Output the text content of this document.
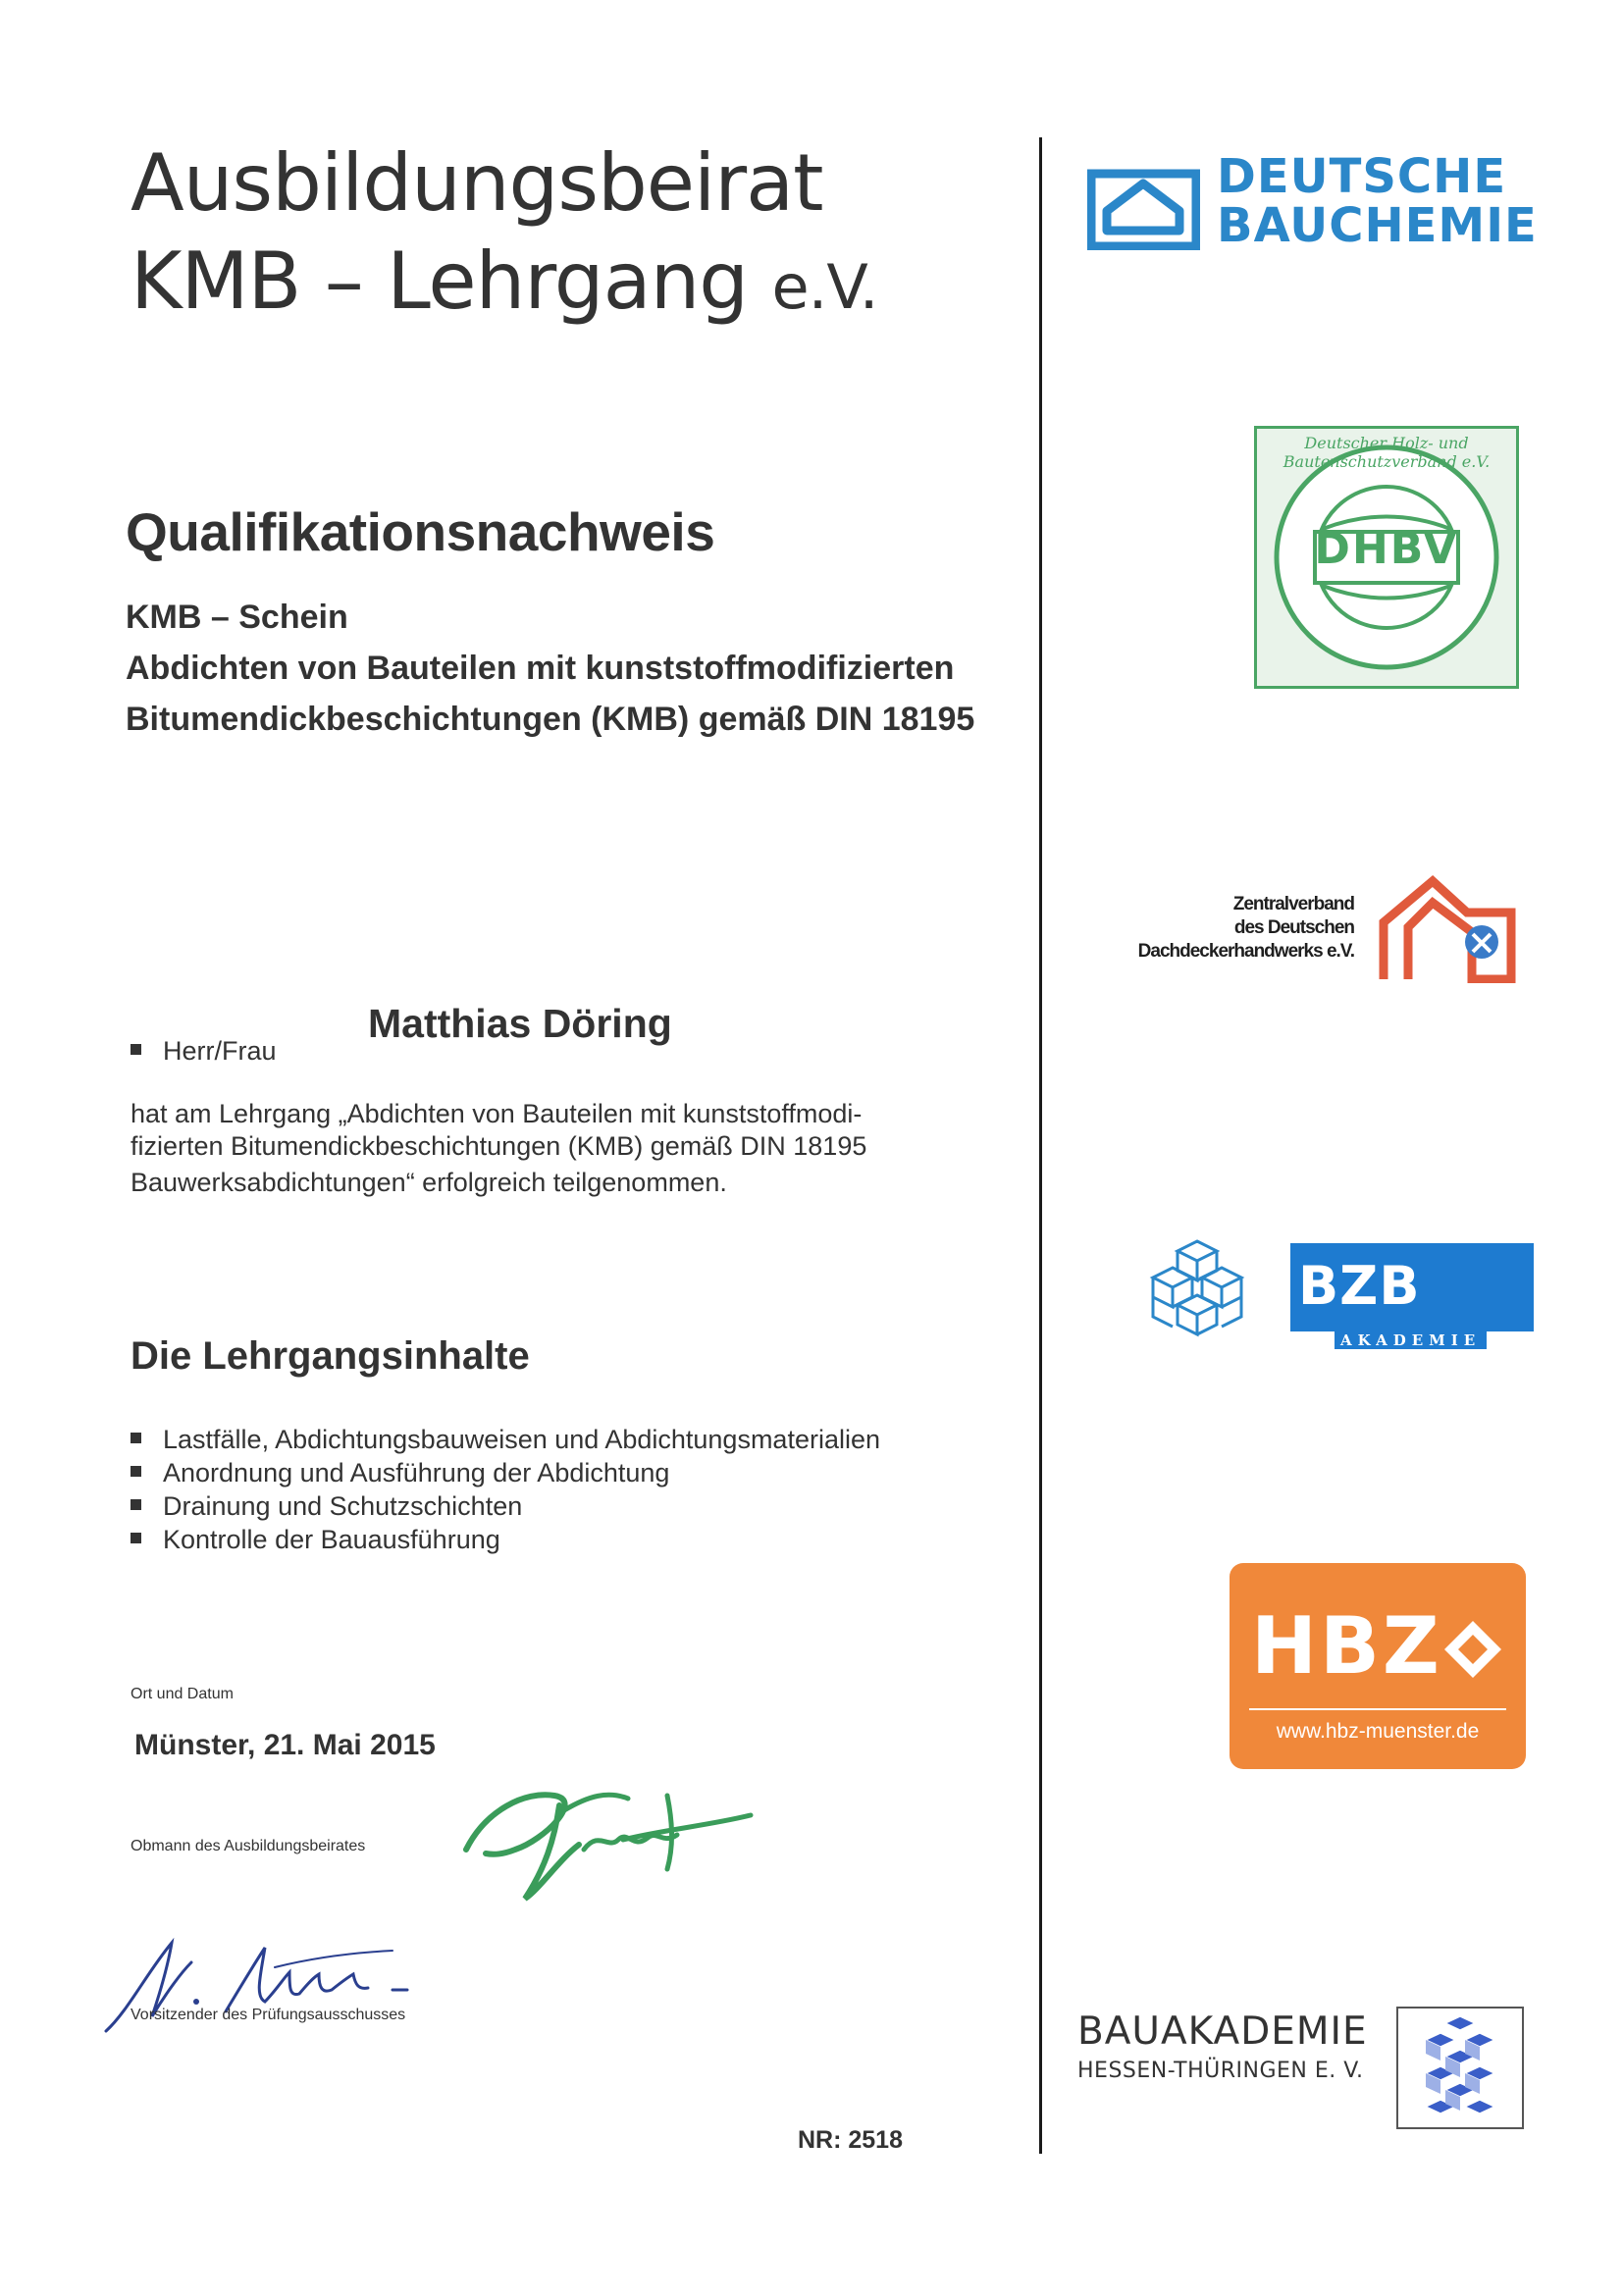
Ausbildungsbeirat
KMB – Lehrgang e.V.
Qualifikationsnachweis
KMB – Schein
Abdichten von Bauteilen mit kunststoffmodifizierten
Bitumendickbeschichtungen (KMB) gemäß DIN 18195
Herr/Frau
Matthias Döring
hat am Lehrgang „Abdichten von Bauteilen mit kunststoffmodi-
fizierten Bitumendickbeschichtungen (KMB) gemäß DIN 18195
Bauwerksabdichtungen“ erfolgreich teilgenommen.
Die Lehrgangsinhalte
Lastfälle, Abdichtungsbauweisen und Abdichtungsmaterialien
Anordnung und Ausführung der Abdichtung
Drainung und Schutzschichten
Kontrolle der Bauausführung
Ort und Datum
Münster, 21. Mai 2015
Obmann des Ausbildungsbeirates
Vorsitzender des Prüfungsausschusses
NR: 2518
DEUTSCHE
BAUCHEMIE
DHBV
Deutscher Holz- und Bautenschutzverband e.V.
Zentralverband
des Deutschen
Dachdeckerhandwerks e.V.
BZB
AKADEMIE
HBZ
www.hbz-muenster.de
BAUAKADEMIE
HESSEN-THÜRINGEN E. V.
